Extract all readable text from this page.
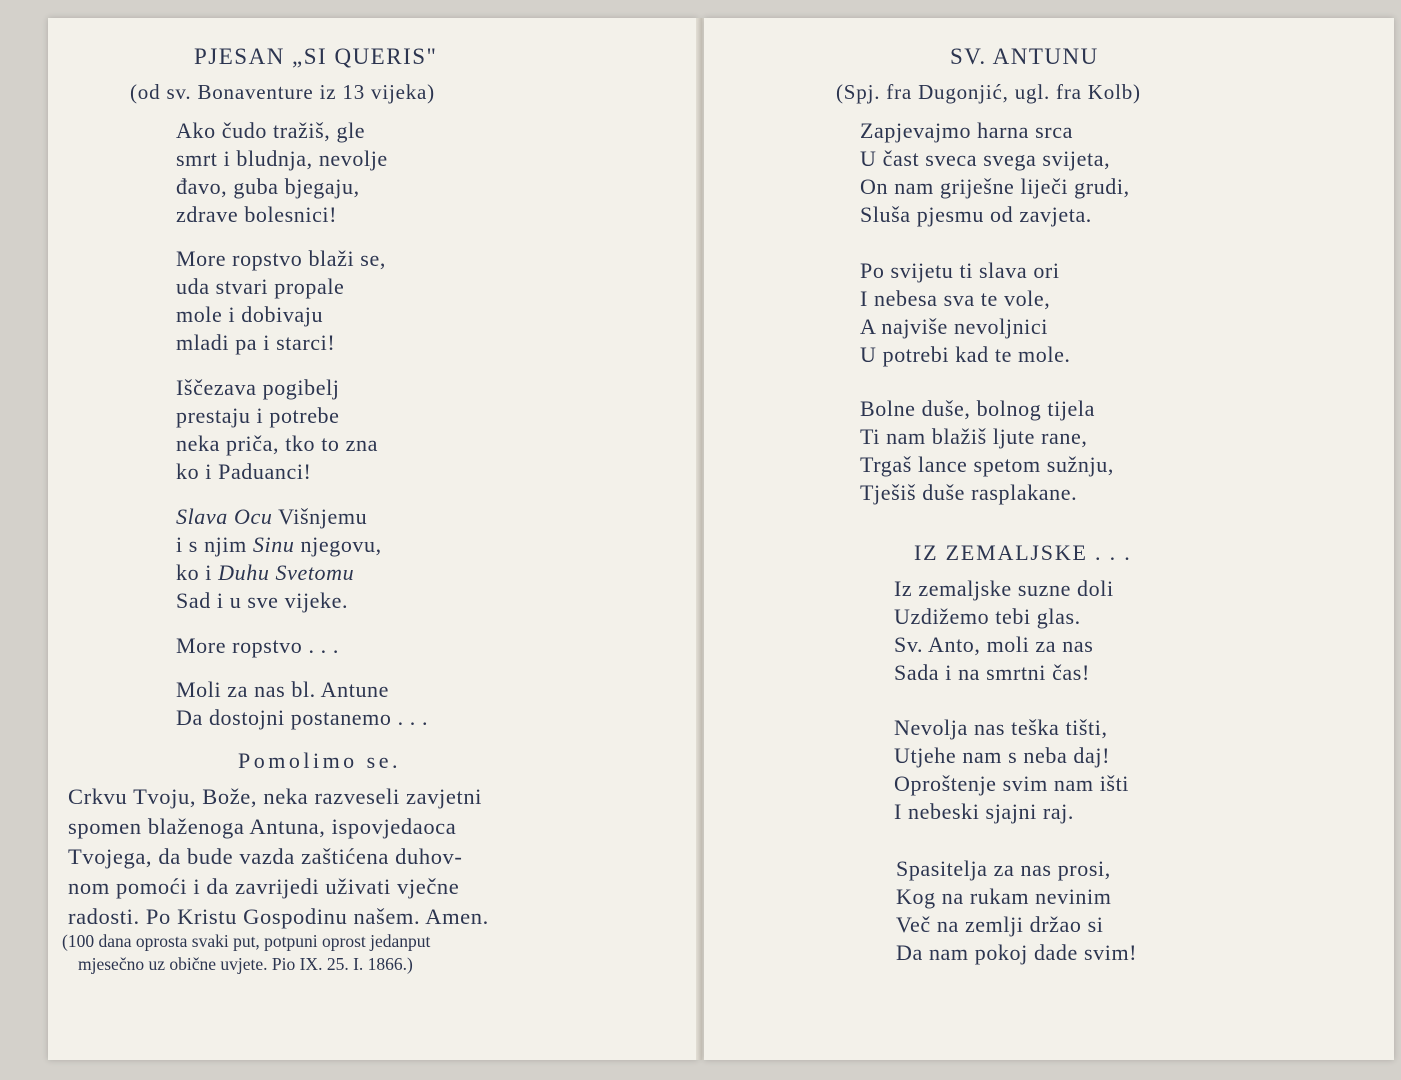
PJESAN „SI QUERIS"
(od sv. Bonaventure iz 13 vijeka)
Ako čudo tražiš, gle
smrt i bludnja, nevolje
đavo, guba bjegaju,
zdrave bolesnici!
More ropstvo blaži se,
uda stvari propale
mole i dobivaju
mladi pa i starci!
Iščezava pogibelj
prestaju i potrebe
neka priča, tko to zna
ko i Paduanci!
Slava Ocu Višnjemu
i s njim Sinu njegovu,
ko i Duhu Svetomu
Sad i u sve vijeke.
More ropstvo . . .
Moli za nas bl. Antune
Da dostojni postanemo . . .
Pomolimo se.
Crkvu Tvoju, Bože, neka razveseli zavjetni
spomen blaženoga Antuna, ispovjedaoca
Tvojega, da bude vazda zaštićena duhov-
nom pomoći i da zavrijedi uživati vječne
radosti. Po Kristu Gospodinu našem. Amen.
(100 dana oprosta svaki put, potpuni oprost jedanput
mjesečno uz obične uvjete. Pio IX. 25. I. 1866.)
SV. ANTUNU
(Spj. fra Dugonjić, ugl. fra Kolb)
Zapjevajmo harna srca
U čast sveca svega svijeta,
On nam griješne liječi grudi,
Sluša pjesmu od zavjeta.
Po svijetu ti slava ori
I nebesa sva te vole,
A najviše nevoljnici
U potrebi kad te mole.
Bolne duše, bolnog tijela
Ti nam blažiš ljute rane,
Trgaš lance spetom sužnju,
Tješiš duše rasplakane.
IZ ZEMALJSKE . . .
Iz zemaljske suzne doli
Uzdižemo tebi glas.
Sv. Anto, moli za nas
Sada i na smrtni čas!
Nevolja nas teška tišti,
Utjehe nam s neba daj!
Oproštenje svim nam išti
I nebeski sjajni raj.
Spasitelja za nas prosi,
Kog na rukam nevinim
Več na zemlji držao si
Da nam pokoj dade svim!
